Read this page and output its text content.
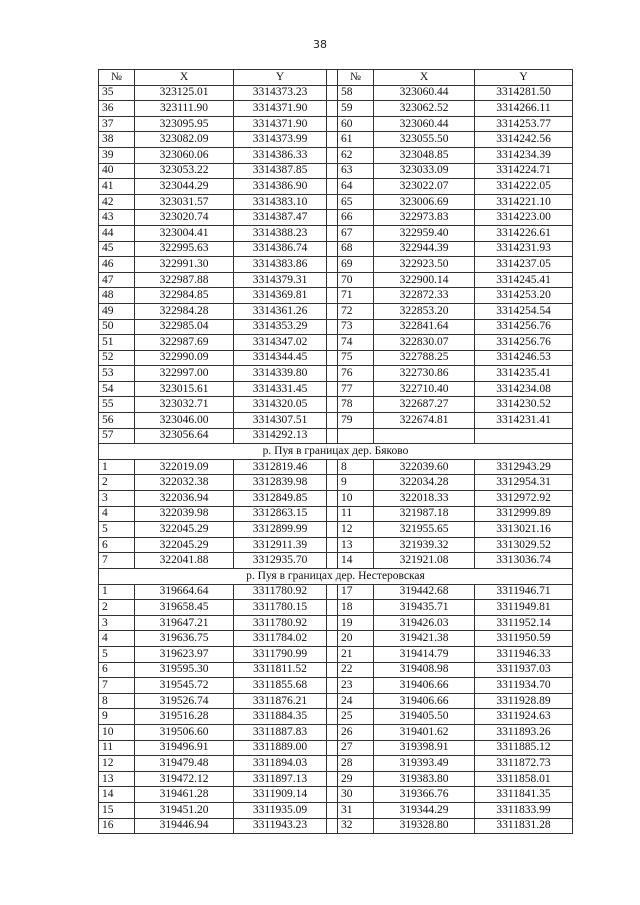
38
№	X	Y		№	X	Y
35	323125.01	3314373.23		58	323060.44	3314281.50
36	323111.90	3314371.90		59	323062.52	3314266.11
37	323095.95	3314371.90		60	323060.44	3314253.77
38	323082.09	3314373.99		61	323055.50	3314242.56
39	323060.06	3314386.33		62	323048.85	3314234.39
40	323053.22	3314387.85		63	323033.09	3314224.71
41	323044.29	3314386.90		64	323022.07	3314222.05
42	323031.57	3314383.10		65	323006.69	3314221.10
43	323020.74	3314387.47		66	322973.83	3314223.00
44	323004.41	3314388.23		67	322959.40	3314226.61
45	322995.63	3314386.74		68	322944.39	3314231.93
46	322991.30	3314383.86		69	322923.50	3314237.05
47	322987.88	3314379.31		70	322900.14	3314245.41
48	322984.85	3314369.81		71	322872.33	3314253.20
49	322984.28	3314361.26		72	322853.20	3314254.54
50	322985.04	3314353.29		73	322841.64	3314256.76
51	322987.69	3314347.02		74	322830.07	3314256.76
52	322990.09	3314344.45		75	322788.25	3314246.53
53	322997.00	3314339.80		76	322730.86	3314235.41
54	323015.61	3314331.45		77	322710.40	3314234.08
55	323032.71	3314320.05		78	322687.27	3314230.52
56	323046.00	3314307.51		79	322674.81	3314231.41
57	323056.64	3314292.13				
р. Пуя в границах дер. Бяково						
1	322019.09	3312819.46		8	322039.60	3312943.29
2	322032.38	3312839.98		9	322034.28	3312954.31
3	322036.94	3312849.85		10	322018.33	3312972.92
4	322039.98	3312863.15		11	321987.18	3312999.89
5	322045.29	3312899.99		12	321955.65	3313021.16
6	322045.29	3312911.39		13	321939.32	3313029.52
7	322041.88	3312935.70		14	321921.08	3313036.74
р. Пуя в границах дер. Нестеровская						
1	319664.64	3311780.92		17	319442.68	3311946.71
2	319658.45	3311780.15		18	319435.71	3311949.81
3	319647.21	3311780.92		19	319426.03	3311952.14
4	319636.75	3311784.02		20	319421.38	3311950.59
5	319623.97	3311790.99		21	319414.79	3311946.33
6	319595.30	3311811.52		22	319408.98	3311937.03
7	319545.72	3311855.68		23	319406.66	3311934.70
8	319526.74	3311876.21		24	319406.66	3311928.89
9	319516.28	3311884.35		25	319405.50	3311924.63
10	319506.60	3311887.83		26	319401.62	3311893.26
11	319496.91	3311889.00		27	319398.91	3311885.12
12	319479.48	3311894.03		28	319393.49	3311872.73
13	319472.12	3311897.13		29	319383.80	3311858.01
14	319461.28	3311909.14		30	319366.76	3311841.35
15	319451.20	3311935.09		31	319344.29	3311833.99
16	319446.94	3311943.23		32	319328.80	3311831.28
